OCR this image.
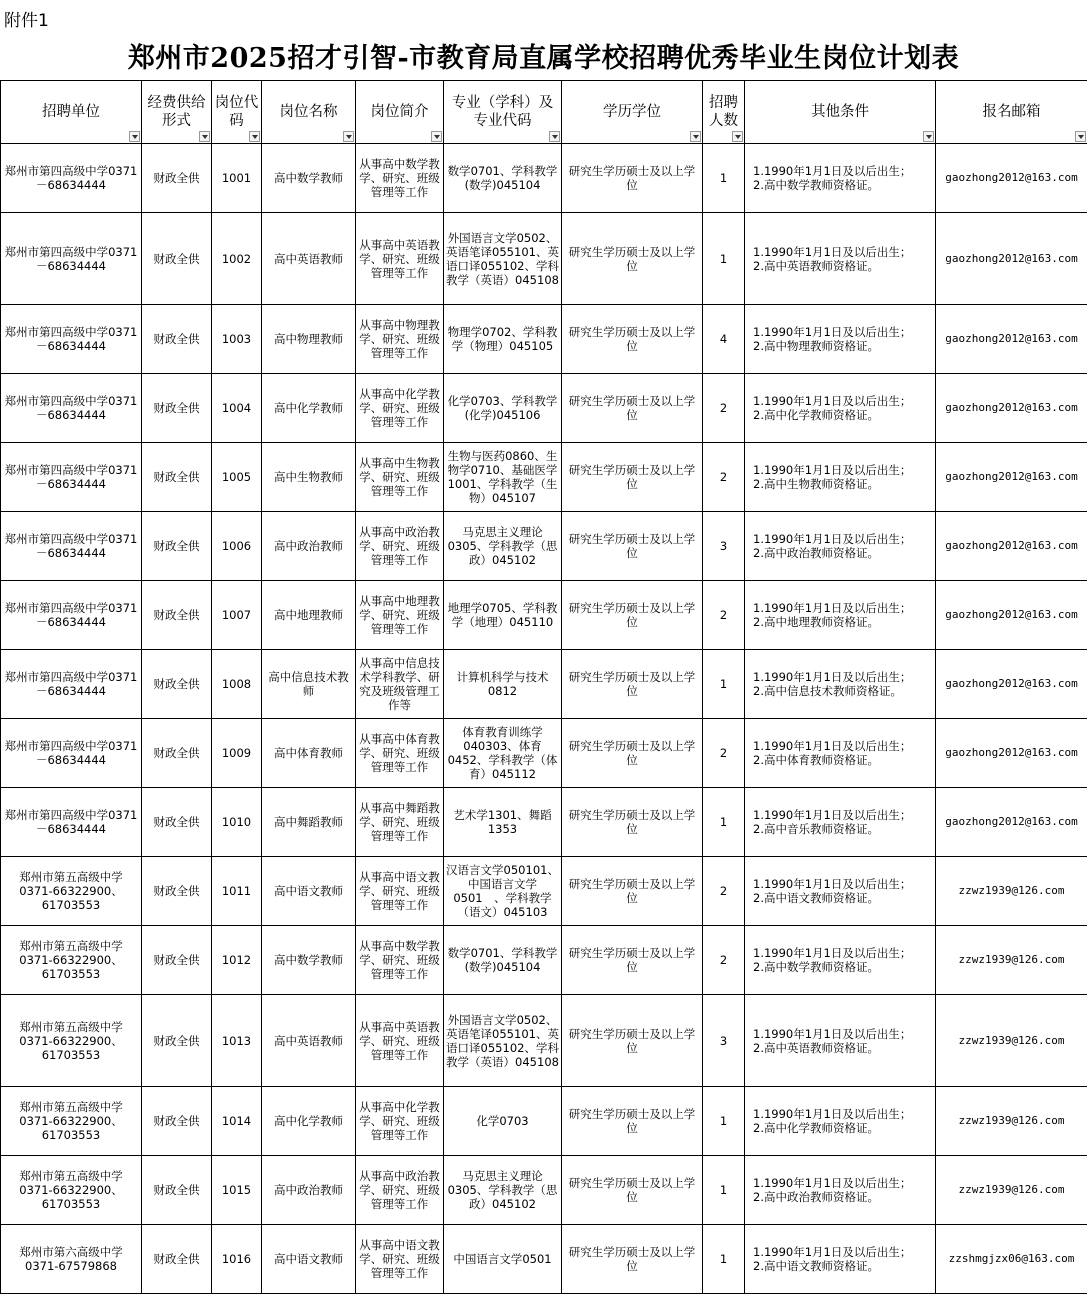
附件1
郑州市2025招才引智-市教育局直属学校招聘优秀毕业生岗位计划表
招聘单位	经费供给形式	岗位代码	岗位名称	岗位简介	专业（学科）及专业代码	学历学位	招聘人数	其他条件	报名邮箱

郑州市第四高级中学0371－68634444	财政全供	1001	高中数学教师	从事高中数学教学、研究、班级管理等工作	数学0701、学科教学(数学)045104	研究生学历硕士及以上学位	1	1.1990年1月1日及以后出生；
2.高中数学教师资格证。	gaozhong2012@163.com
郑州市第四高级中学0371－68634444	财政全供	1002	高中英语教师	从事高中英语教学、研究、班级管理等工作	外国语言文学0502、英语笔译055101、英语口译055102、学科教学（英语）045108	研究生学历硕士及以上学位	1	1.1990年1月1日及以后出生；
2.高中英语教师资格证。	gaozhong2012@163.com
郑州市第四高级中学0371－68634444	财政全供	1003	高中物理教师	从事高中物理教学、研究、班级管理等工作	物理学0702、学科教学（物理）045105	研究生学历硕士及以上学位	4	1.1990年1月1日及以后出生；
2.高中物理教师资格证。	gaozhong2012@163.com
郑州市第四高级中学0371－68634444	财政全供	1004	高中化学教师	从事高中化学教学、研究、班级管理等工作	化学0703、学科教学(化学)045106	研究生学历硕士及以上学位	2	1.1990年1月1日及以后出生；
2.高中化学教师资格证。	gaozhong2012@163.com
郑州市第四高级中学0371－68634444	财政全供	1005	高中生物教师	从事高中生物教学、研究、班级管理等工作	生物与医药0860、生物学0710、基础医学1001、学科教学（生物）045107	研究生学历硕士及以上学位	2	1.1990年1月1日及以后出生；
2.高中生物教师资格证。	gaozhong2012@163.com
郑州市第四高级中学0371－68634444	财政全供	1006	高中政治教师	从事高中政治教学、研究、班级管理等工作	马克思主义理论0305、学科教学（思政）045102	研究生学历硕士及以上学位	3	1.1990年1月1日及以后出生；
2.高中政治教师资格证。	gaozhong2012@163.com
郑州市第四高级中学0371－68634444	财政全供	1007	高中地理教师	从事高中地理教学、研究、班级管理等工作	地理学0705、学科教学（地理）045110	研究生学历硕士及以上学位	2	1.1990年1月1日及以后出生；
2.高中地理教师资格证。	gaozhong2012@163.com
郑州市第四高级中学0371－68634444	财政全供	1008	高中信息技术教师	从事高中信息技术学科教学、研究及班级管理工作等	计算机科学与技术0812	研究生学历硕士及以上学位	1	1.1990年1月1日及以后出生；
2.高中信息技术教师资格证。	gaozhong2012@163.com
郑州市第四高级中学0371－68634444	财政全供	1009	高中体育教师	从事高中体育教学、研究、班级管理等工作	体育教育训练学040303、体育0452、学科教学（体育）045112	研究生学历硕士及以上学位	2	1.1990年1月1日及以后出生；
2.高中体育教师资格证。	gaozhong2012@163.com
郑州市第四高级中学0371－68634444	财政全供	1010	高中舞蹈教师	从事高中舞蹈教学、研究、班级管理等工作	艺术学1301、舞蹈1353	研究生学历硕士及以上学位	1	1.1990年1月1日及以后出生；
2.高中音乐教师资格证。	gaozhong2012@163.com
郑州市第五高级中学0371-66322900、61703553	财政全供	1011	高中语文教师	从事高中语文教学、研究、班级管理等工作	汉语言文学050101、中国语言文学0501　、学科教学（语文）045103	研究生学历硕士及以上学位	2	1.1990年1月1日及以后出生；
2.高中语文教师资格证。	zzwz1939@126.com
郑州市第五高级中学0371-66322900、61703553	财政全供	1012	高中数学教师	从事高中数学教学、研究、班级管理等工作	数学0701、学科教学(数学)045104	研究生学历硕士及以上学位	2	1.1990年1月1日及以后出生；
2.高中数学教师资格证。	zzwz1939@126.com
郑州市第五高级中学0371-66322900、61703553	财政全供	1013	高中英语教师	从事高中英语教学、研究、班级管理等工作	外国语言文学0502、英语笔译055101、英语口译055102、学科教学（英语）045108	研究生学历硕士及以上学位	3	1.1990年1月1日及以后出生；
2.高中英语教师资格证。	zzwz1939@126.com
郑州市第五高级中学0371-66322900、61703553	财政全供	1014	高中化学教师	从事高中化学教学、研究、班级管理等工作	化学0703	研究生学历硕士及以上学位	1	1.1990年1月1日及以后出生；
2.高中化学教师资格证。	zzwz1939@126.com
郑州市第五高级中学0371-66322900、61703553	财政全供	1015	高中政治教师	从事高中政治教学、研究、班级管理等工作	马克思主义理论0305、学科教学（思政）045102	研究生学历硕士及以上学位	1	1.1990年1月1日及以后出生；
2.高中政治教师资格证。	zzwz1939@126.com
郑州市第六高级中学0371-67579868	财政全供	1016	高中语文教师	从事高中语文教学、研究、班级管理等工作	中国语言文学0501	研究生学历硕士及以上学位	1	1.1990年1月1日及以后出生；
2.高中语文教师资格证。	zzshmgjzx06@163.com
